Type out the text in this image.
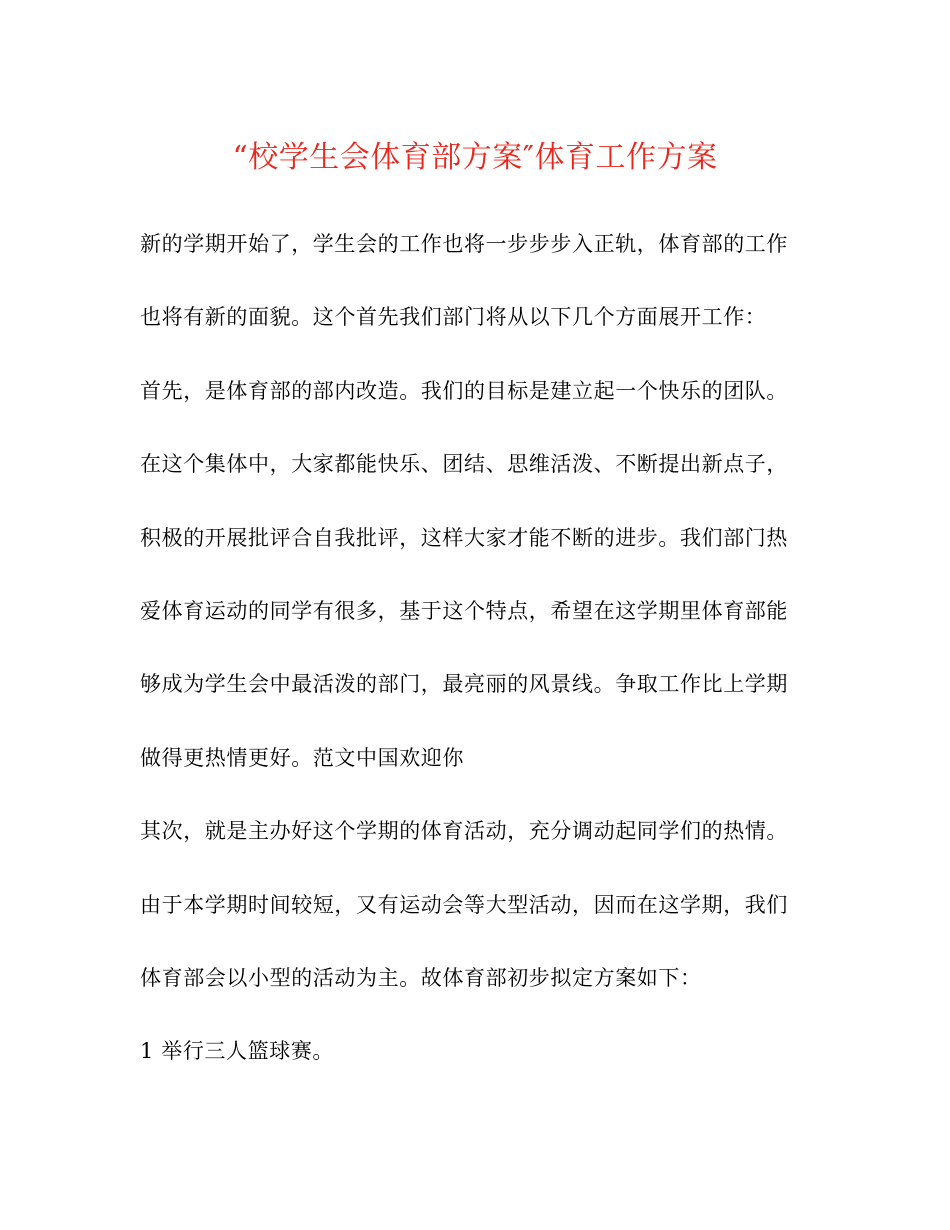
“校学生会体育部方案″体育工作方案
新的学期开始了，学生会的工作也将一步步步入正轨，体育部的工作
也将有新的面貌。这个首先我们部门将从以下几个方面展开工作：
首先，是体育部的部内改造。我们的目标是建立起一个快乐的团队。
在这个集体中，大家都能快乐、团结、思维活泼、不断提出新点子，
积极的开展批评合自我批评，这样大家才能不断的进步。我们部门热
爱体育运动的同学有很多，基于这个特点，希望在这学期里体育部能
够成为学生会中最活泼的部门，最亮丽的风景线。争取工作比上学期
做得更热情更好。范文中国欢迎你
其次，就是主办好这个学期的体育活动，充分调动起同学们的热情。
由于本学期时间较短，又有运动会等大型活动，因而在这学期，我们
体育部会以小型的活动为主。故体育部初步拟定方案如下：
1 举行三人篮球赛。
